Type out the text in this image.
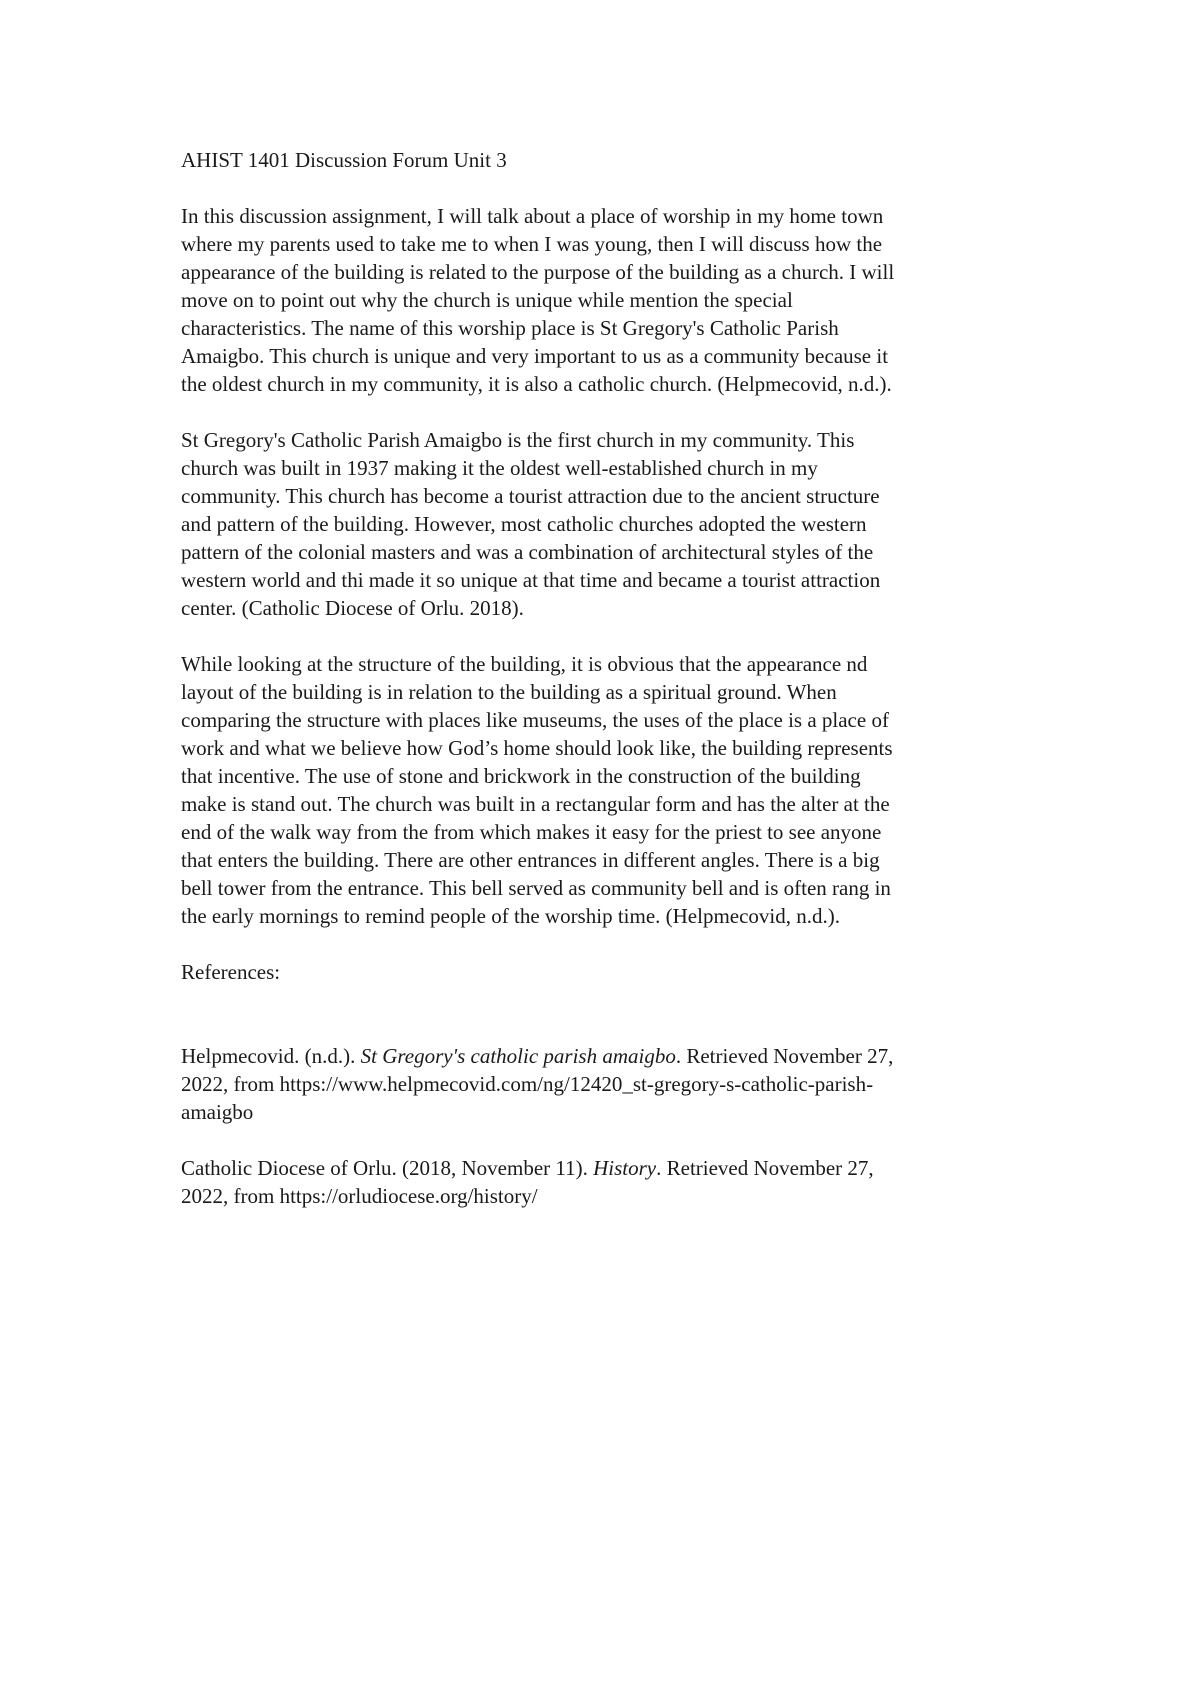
AHIST 1401 Discussion Forum Unit 3
In this discussion assignment, I will talk about a place of worship in my home town
where my parents used to take me to when I was young, then I will discuss how the
appearance of the building is related to the purpose of the building as a church. I will
move on to point out why the church is unique while mention the special
characteristics. The name of this worship place is St Gregory's Catholic Parish
Amaigbo. This church is unique and very important to us as a community because it
the oldest church in my community, it is also a catholic church. (Helpmecovid, n.d.).
St Gregory's Catholic Parish Amaigbo is the first church in my community. This
church was built in 1937 making it the oldest well-established church in my
community. This church has become a tourist attraction due to the ancient structure
and pattern of the building. However, most catholic churches adopted the western
pattern of the colonial masters and was a combination of architectural styles of the
western world and thi made it so unique at that time and became a tourist attraction
center. (Catholic Diocese of Orlu. 2018).
While looking at the structure of the building, it is obvious that the appearance nd
layout of the building is in relation to the building as a spiritual ground. When
comparing the structure with places like museums, the uses of the place is a place of
work and what we believe how God’s home should look like, the building represents
that incentive. The use of stone and brickwork in the construction of the building
make is stand out. The church was built in a rectangular form and has the alter at the
end of the walk way from the from which makes it easy for the priest to see anyone
that enters the building. There are other entrances in different angles. There is a big
bell tower from the entrance. This bell served as community bell and is often rang in
the early mornings to remind people of the worship time. (Helpmecovid, n.d.).
References:
Helpmecovid. (n.d.). St Gregory's catholic parish amaigbo. Retrieved November 27,
2022, from https://www.helpmecovid.com/ng/12420_st-gregory-s-catholic-parish-
amaigbo
Catholic Diocese of Orlu. (2018, November 11). History. Retrieved November 27,
2022, from https://orludiocese.org/history/
